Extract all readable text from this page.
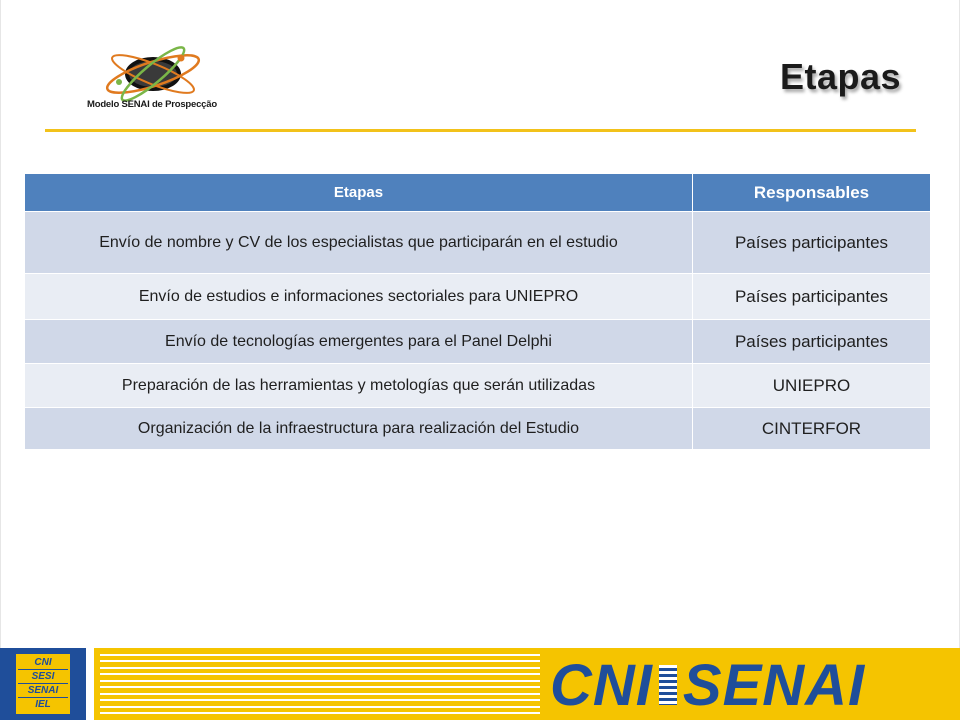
Modelo SENAI de Prospecção
Etapas
Etapas	Responsables
Envío de nombre y CV de los especialistas que participarán en el estudio	Países participantes
Envío de estudios e informaciones sectoriales para UNIEPRO	Países participantes
Envío de tecnologías emergentes para el Panel Delphi	Países participantes
Preparación de las herramientas y metologías que serán utilizadas	UNIEPRO
Organización de la infraestructura para realización del Estudio	CINTERFOR
CNI
SESI
SENAI
IEL	CNI SENAI
